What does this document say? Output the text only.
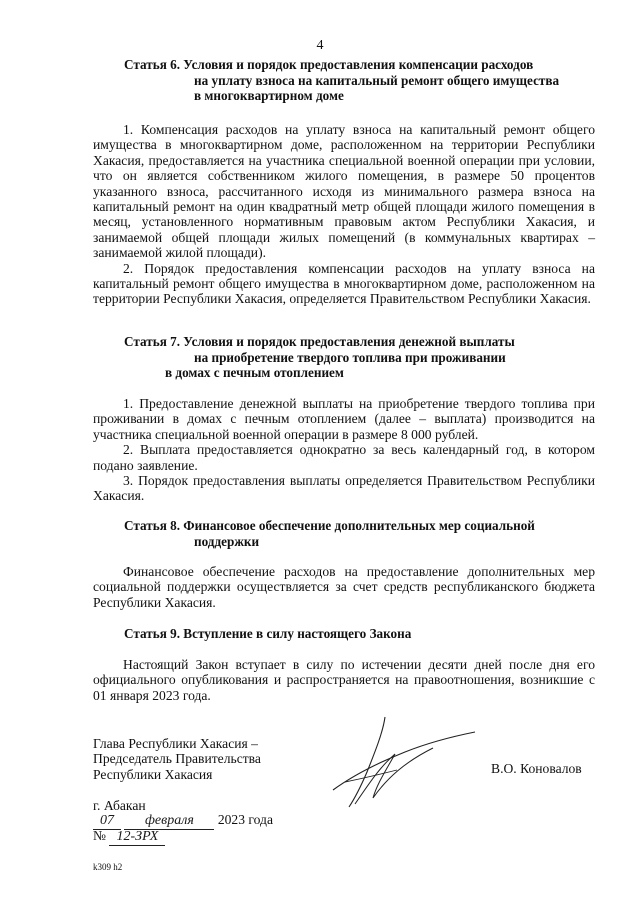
4
Статья 6. Условия и порядок предоставления компенсации расходов
на уплату взноса на капитальный ремонт общего имущества
в многоквартирном доме

1. Компенсация расходов на уплату взноса на капитальный ремонт общего имущества в многоквартирном доме, расположенном на территории Республики Хакасия, предоставляется на участника специальной военной операции при условии, что он является собственником жилого помещения, в размере 50 процентов указанного взноса, рассчитанного исходя из минимального размера взноса на капитальный ремонт на один квадратный метр общей площади жилого помещения в месяц, установленного нормативным правовым актом Республики Хакасия, и занимаемой общей площади жилых помещений (в коммунальных квартирах – занимаемой жилой площади).

2. Порядок предоставления компенсации расходов на уплату взноса на капитальный ремонт общего имущества в многоквартирном доме, расположенном на территории Республики Хакасия, определяется Правительством Республики Хакасия.

Статья 7. Условия и порядок предоставления денежной выплаты
на приобретение твердого топлива при проживании
в домах с печным отоплением

1. Предоставление денежной выплаты на приобретение твердого топлива при проживании в домах с печным отоплением (далее – выплата) производится на участника специальной военной операции в размере 8 000 рублей.

2. Выплата предоставляется однократно за весь календарный год, в котором подано заявление.

3. Порядок предоставления выплаты определяется Правительством Республики Хакасия.

Статья 8. Финансовое обеспечение дополнительных мер социальной
поддержки

Финансовое обеспечение расходов на предоставление дополнительных мер социальной поддержки осуществляется за счет средств республиканского бюджета Республики Хакасия.

Статья 9. Вступление в силу настоящего Закона

Настоящий Закон вступает в силу по истечении десяти дней после дня его официального опубликования и распространяется на правоотношения, возникшие с 01 января 2023 года.

Глава Республики Хакасия –
Председатель Правительства
Республики Хакасия	В.О. Коновалов
г. Абакан
07 февраля 2023 года
№ 12-ЗРХ
k309 h2
